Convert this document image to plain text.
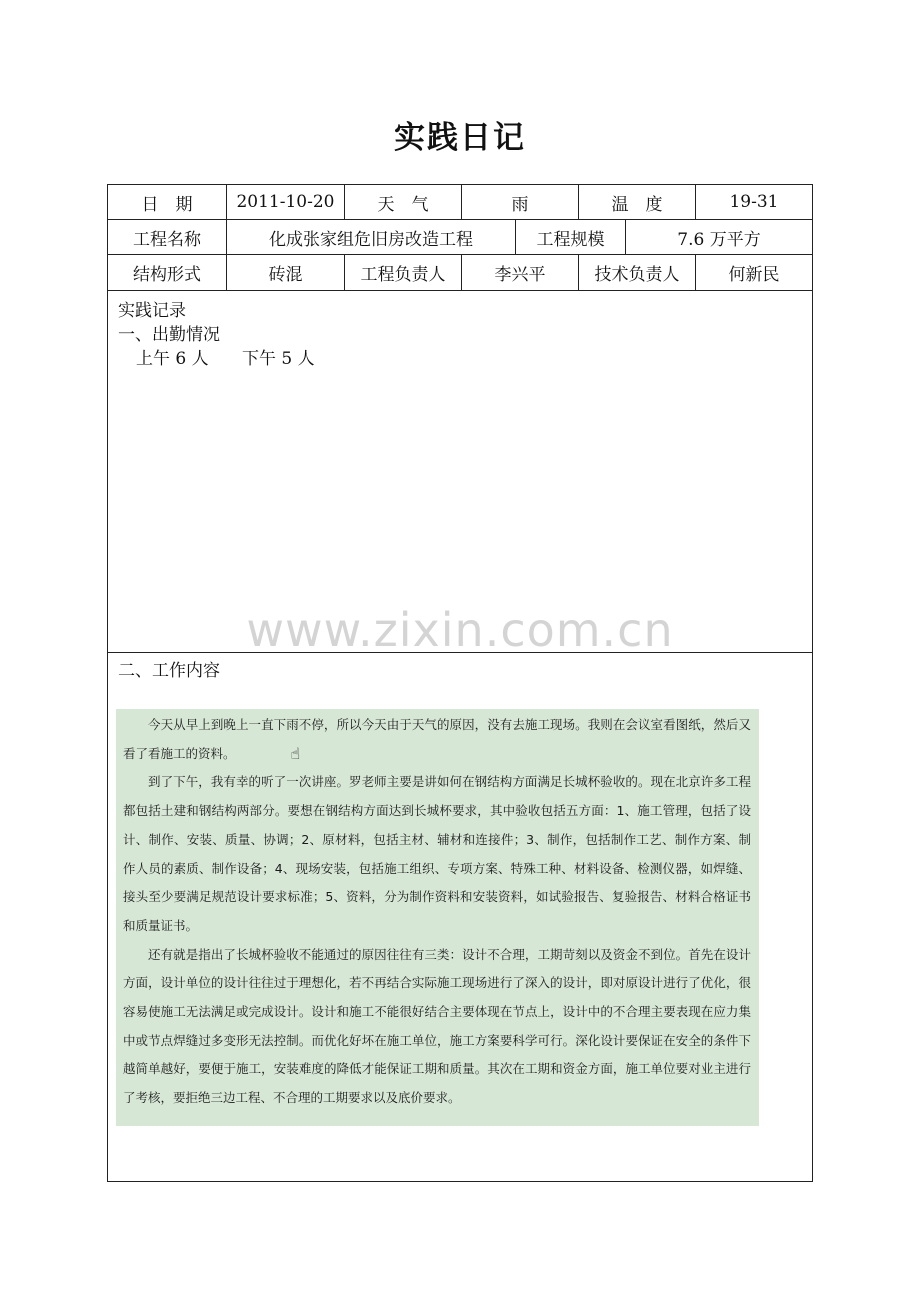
实践日记
日　期	2011-10-20	天　气	雨	温　度	19-31
工程名称	化成张家组危旧房改造工程	工程规模	7.6 万平方
结构形式	砖混	工程负责人	李兴平	技术负责人	何新民
实践记录
一、出勤情况
上午 6 人 下午 5 人
www.zixin.com.cn
二、工作内容

今天从早上到晚上一直下雨不停，所以今天由于天气的原因，没有去施工现场。我则在会议室看图纸，然后又看了看施工的资料。	☝

到了下午，我有幸的听了一次讲座。罗老师主要是讲如何在钢结构方面满足长城杯验收的。现在北京许多工程都包括土建和钢结构两部分。要想在钢结构方面达到长城杯要求，其中验收包括五方面：1、施工管理，包括了设计、制作、安装、质量、协调；2、原材料，包括主材、辅材和连接件；3、制作，包括制作工艺、制作方案、制作人员的素质、制作设备；4、现场安装，包括施工组织、专项方案、特殊工种、材料设备、检测仪器，如焊缝、接头至少要满足规范设计要求标准；5、资料，分为制作资料和安装资料，如试验报告、复验报告、材料合格证书和质量证书。

还有就是指出了长城杯验收不能通过的原因往往有三类：设计不合理，工期苛刻以及资金不到位。首先在设计方面，设计单位的设计往往过于理想化，若不再结合实际施工现场进行了深入的设计，即对原设计进行了优化，很容易使施工无法满足或完成设计。设计和施工不能很好结合主要体现在节点上，设计中的不合理主要表现在应力集中或节点焊缝过多变形无法控制。而优化好坏在施工单位，施工方案要科学可行。深化设计要保证在安全的条件下越简单越好，要便于施工，安装难度的降低才能保证工期和质量。其次在工期和资金方面，施工单位要对业主进行了考核，要拒绝三边工程、不合理的工期要求以及底价要求。
